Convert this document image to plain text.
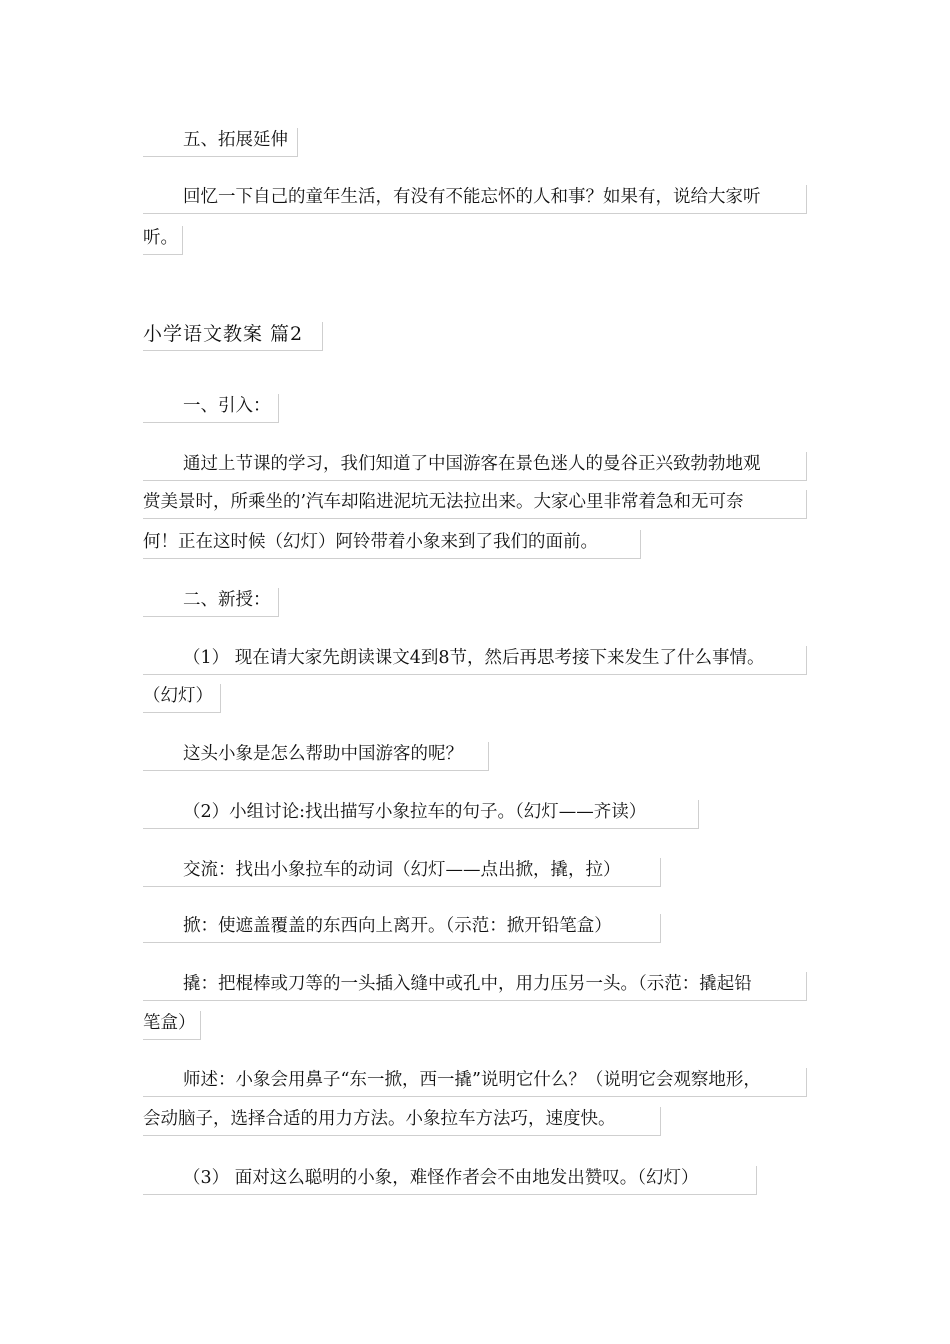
五、拓展延伸
回忆一下自己的童年生活，有没有不能忘怀的人和事？如果有，说给大家听
听。
小学语文教案 篇2
一、引入：
通过上节课的学习，我们知道了中国游客在景色迷人的曼谷正兴致勃勃地观
赏美景时，所乘坐的’汽车却陷进泥坑无法拉出来。大家心里非常着急和无可奈
何！正在这时候（幻灯）阿铃带着小象来到了我们的面前。
二、新授：
（1） 现在请大家先朗读课文4到8节，然后再思考接下来发生了什么事情。
（幻灯）
这头小象是怎么帮助中国游客的呢？
（2）小组讨论:找出描写小象拉车的句子。（幻灯——齐读）
交流：找出小象拉车的动词（幻灯——点出掀，撬，拉）
掀：使遮盖覆盖的东西向上离开。（示范：掀开铅笔盒）
撬：把棍棒或刀等的一头插入缝中或孔中，用力压另一头。（示范：撬起铅
笔盒）
师述：小象会用鼻子“东一掀，西一撬”说明它什么？（说明它会观察地形，
会动脑子，选择合适的用力方法。小象拉车方法巧，速度快。
（3） 面对这么聪明的小象，难怪作者会不由地发出赞叹。（幻灯）
